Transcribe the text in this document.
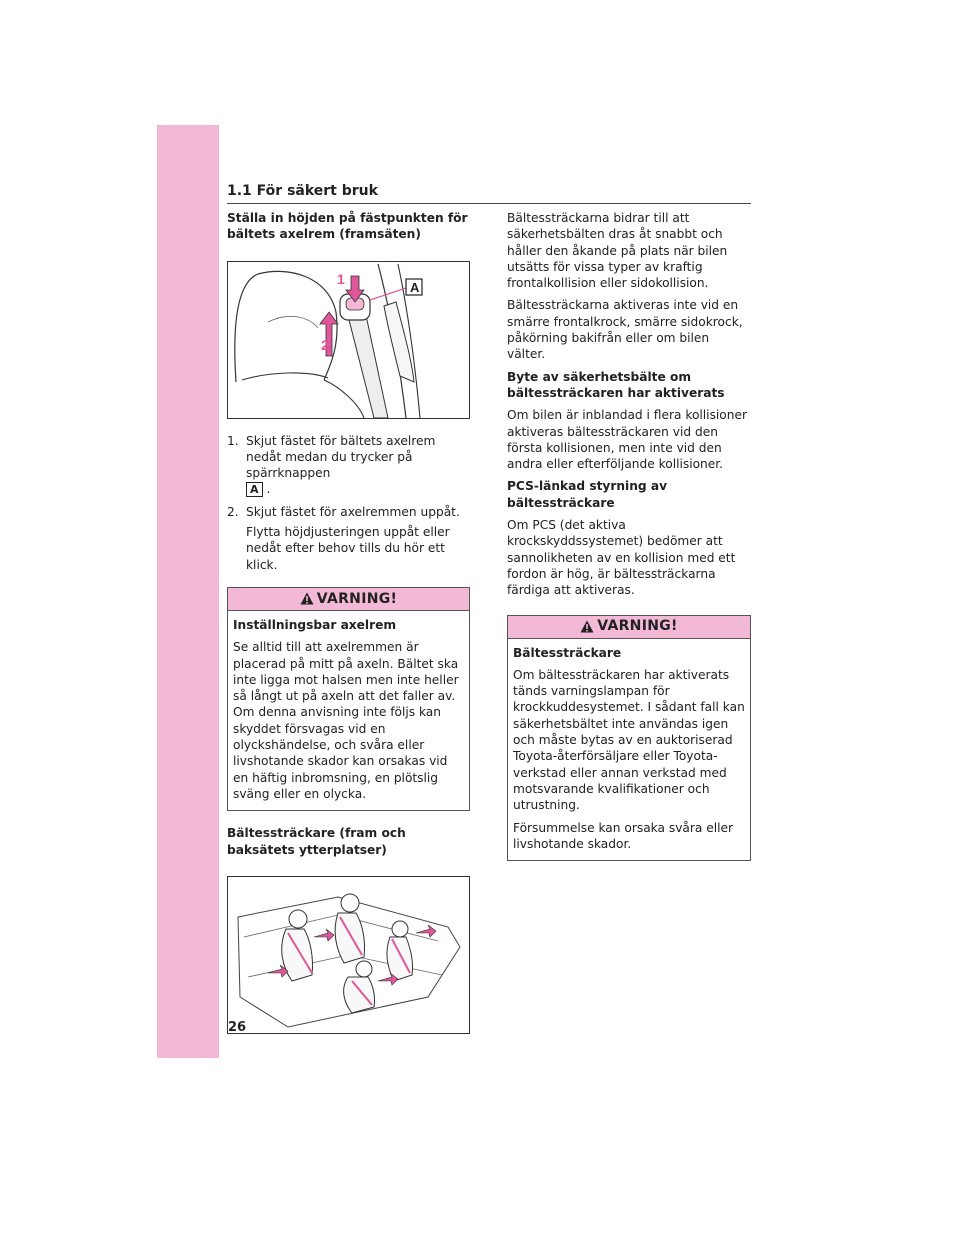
1.1 För säkert bruk
Ställa in höjden på fästpunkten för bältets axelrem (framsäten)
1
2
A
1. Skjut fästet för bältets axelrem nedåt medan du trycker på spärrknappen
A .
2. Skjut fästet för axelremmen uppåt.
Flytta höjdjusteringen uppåt eller nedåt efter behov tills du hör ett klick.
VARNING!

Inställningsbar axelrem

Se alltid till att axelremmen är placerad på mitt på axeln. Bältet ska inte ligga mot halsen men inte heller så långt ut på axeln att det faller av. Om denna anvisning inte följs kan skyddet försvagas vid en olyckshändelse, och svåra eller livshotande skador kan orsakas vid en häftig inbromsning, en plötslig sväng eller en olycka.

Bältessträckare (fram och baksätets ytterplatser)

Bältessträckarna bidrar till att säkerhetsbälten dras åt snabbt och håller den åkande på plats när bilen utsätts för vissa typer av kraftig frontalkollision eller sidokollision.

Bältessträckarna aktiveras inte vid en smärre frontalkrock, smärre sidokrock, påkörning bakifrån eller om bilen välter.

Byte av säkerhetsbälte om bältessträckaren har aktiverats

Om bilen är inblandad i flera kollisioner aktiveras bältessträckaren vid den första kollisionen, men inte vid den andra eller efterföljande kollisioner.

PCS-länkad styrning av bältessträckare

Om PCS (det aktiva krockskyddssystemet) bedömer att sannolikheten av en kollision med ett fordon är hög, är bältessträckarna färdiga att aktiveras.

VARNING!

Bältessträckare

Om bältessträckaren har aktiverats tänds varningslampan för krockkuddesystemet. I sådant fall kan säkerhetsbältet inte användas igen och måste bytas av en auktoriserad Toyota-återförsäljare eller Toyota-verkstad eller annan verkstad med motsvarande kvalifikationer och utrustning.

Försummelse kan orsaka svåra eller livshotande skador.

26
